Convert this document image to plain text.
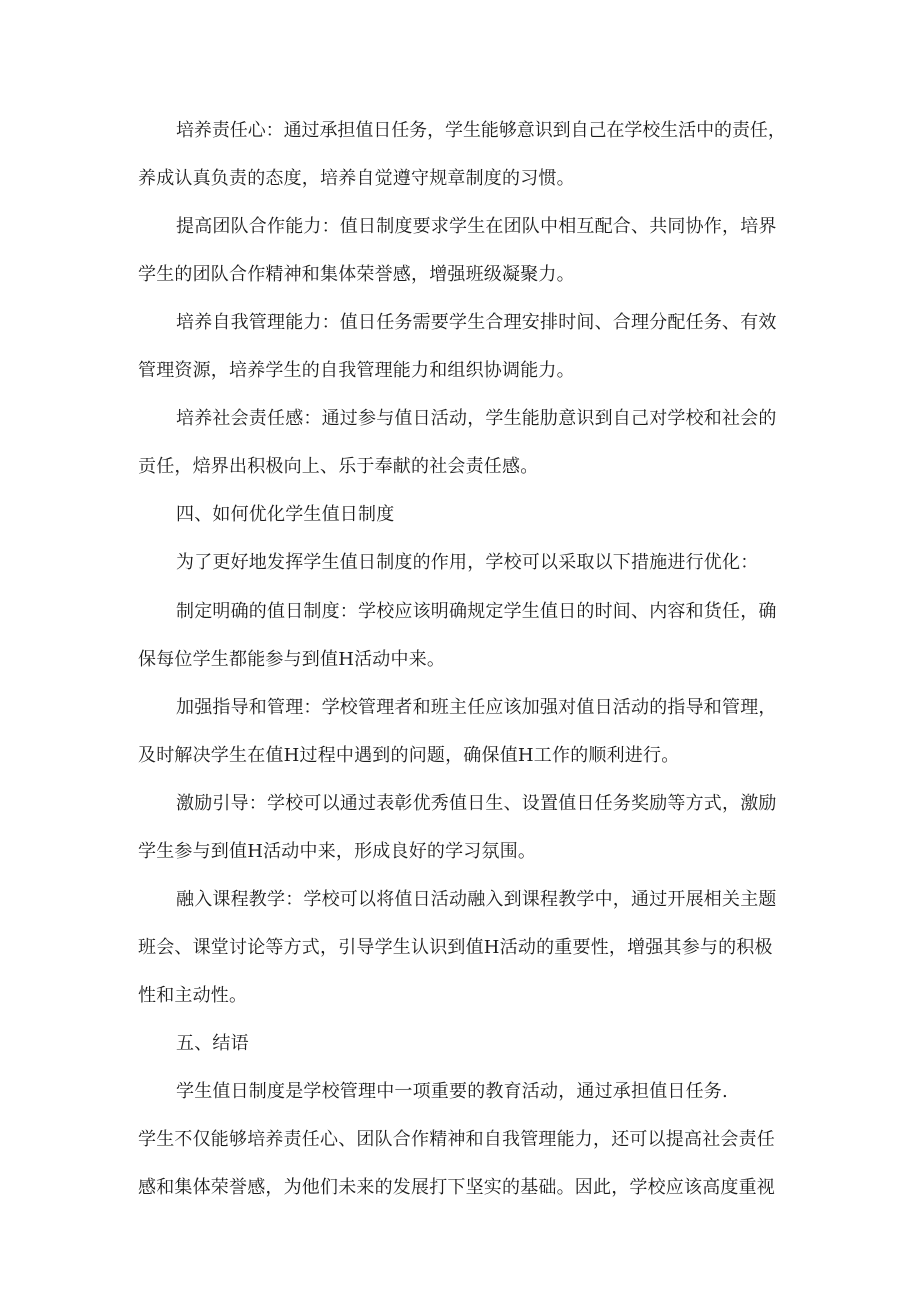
培养责任心：通过承担值日任务，学生能够意识到自己在学校生活中的责任，
养成认真负责的态度，培养自觉遵守规章制度的习惯。
提高团队合作能力：值日制度要求学生在团队中相互配合、共同协作，培界
学生的团队合作精神和集体荣誉感，增强班级凝聚力。
培养自我管理能力：值日任务需要学生合理安排时间、合理分配任务、有效
管理资源，培养学生的自我管理能力和组织协调能力。
培养社会责任感：通过参与值日活动，学生能肋意识到自己对学校和社会的
贡任，焙界出积极向上、乐于奉献的社会责任感。
四、如何优化学生值日制度
为了更好地发挥学生值日制度的作用，学校可以采取以下措施进行优化：
制定明确的值日制度：学校应该明确规定学生值日的时间、内容和货任，确
保每位学生都能参与到值H活动中来。
加强指导和管理：学校管理者和班主任应该加强对值日活动的指导和管理，
及时解决学生在值H过程中遇到的问题，确保值H工作的顺利进行。
激励引导：学校可以通过表彰优秀值日生、设置值日任务奖励等方式，激励
学生参与到值H活动中来，形成良好的学习氛围。
融入课程教学：学校可以将值日活动融入到课程教学中，通过开展相关主题
班会、课堂讨论等方式，引导学生认识到值H活动的重要性，增强其参与的积极
性和主动性。
五、结语
学生值日制度是学校管理中一项重要的教育活动，通过承担值日任务.
学生不仅能够培养责任心、团队合作精神和自我管理能力，还可以提高社会责任
感和集体荣誉感，为他们未来的发展打下坚实的基础。因此，学校应该高度重视
